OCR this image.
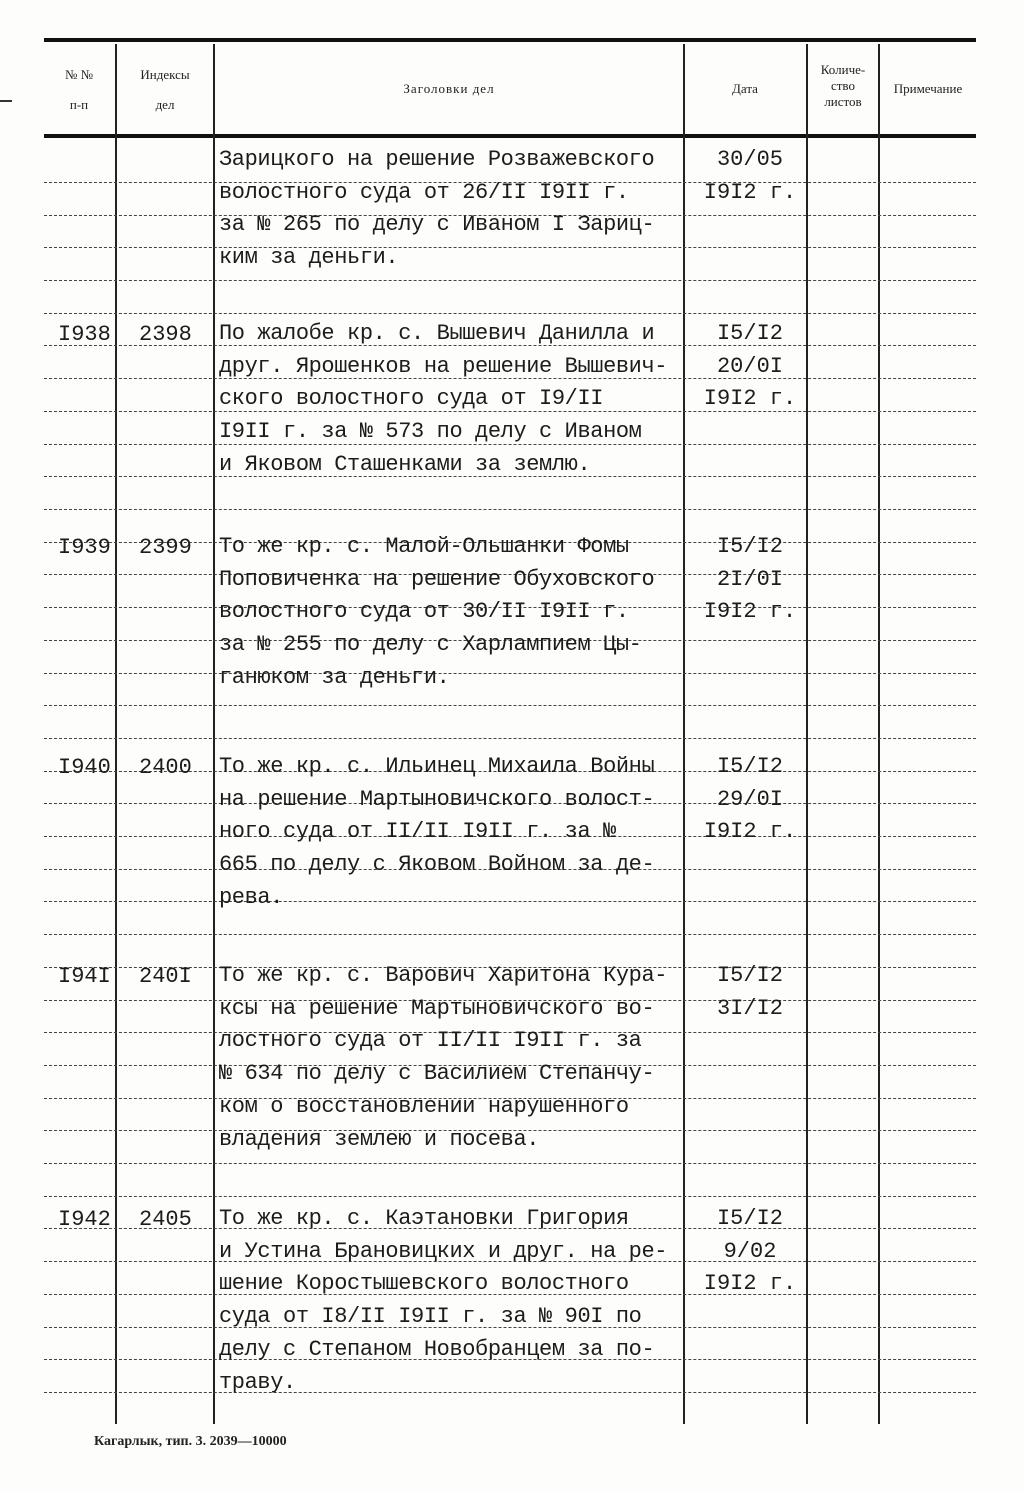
№ №
п-п
Индексы
дел
Заголовки дел	Дата
Количе-
ство
листов
Примечание
Зарицкого на решение Розважевского
волостного суда от 26/II I9II г.
за № 265 по делу с Иваном I Зариц-
ким за деньги.
30/05
I9I2 г.
I938 2398 По жалобе кр. с. Вышевич Данилла и
друг. Ярошенков на решение Вышевич-
ского волостного суда от I9/II
I9II г. за № 573 по делу с Иваном
и Яковом Сташенками за землю.
I5/I2
20/0I
I9I2 г.
I939 2399 То же кр. с. Малой-Ольшанки Фомы
Поповиченка на решение Обуховского
волостного суда от 30/II I9II г.
за № 255 по делу с Харлампием Цы-
ганюком за деньги.
I5/I2
2I/0I
I9I2 г.
I940 2400 То же кр. с. Ильинец Михаила Войны
на решение Мартыновичского волост-
ного суда от II/II I9II г. за №
665 по делу с Яковом Войном за де-
рева.
I5/I2
29/0I
I9I2 г.
I94I 240I То же кр. с. Варович Харитона Кура-
ксы на решение Мартыновичского во-
лостного суда от II/II I9II г. за
№ 634 по делу с Василием Степанчу-
ком о восстановлении нарушенного
владения землею и посева.
I5/I2
3I/I2
I942 2405 То же кр. с. Каэтановки Григория
и Устина Брановицких и друг. на ре-
шение Коростышевского волостного
суда от I8/II I9II г. за № 90I по
делу с Степаном Новобранцем за по-
траву.
I5/I2
9/02
I9I2 г.
Кагарлык, тип. 3. 2039—10000
